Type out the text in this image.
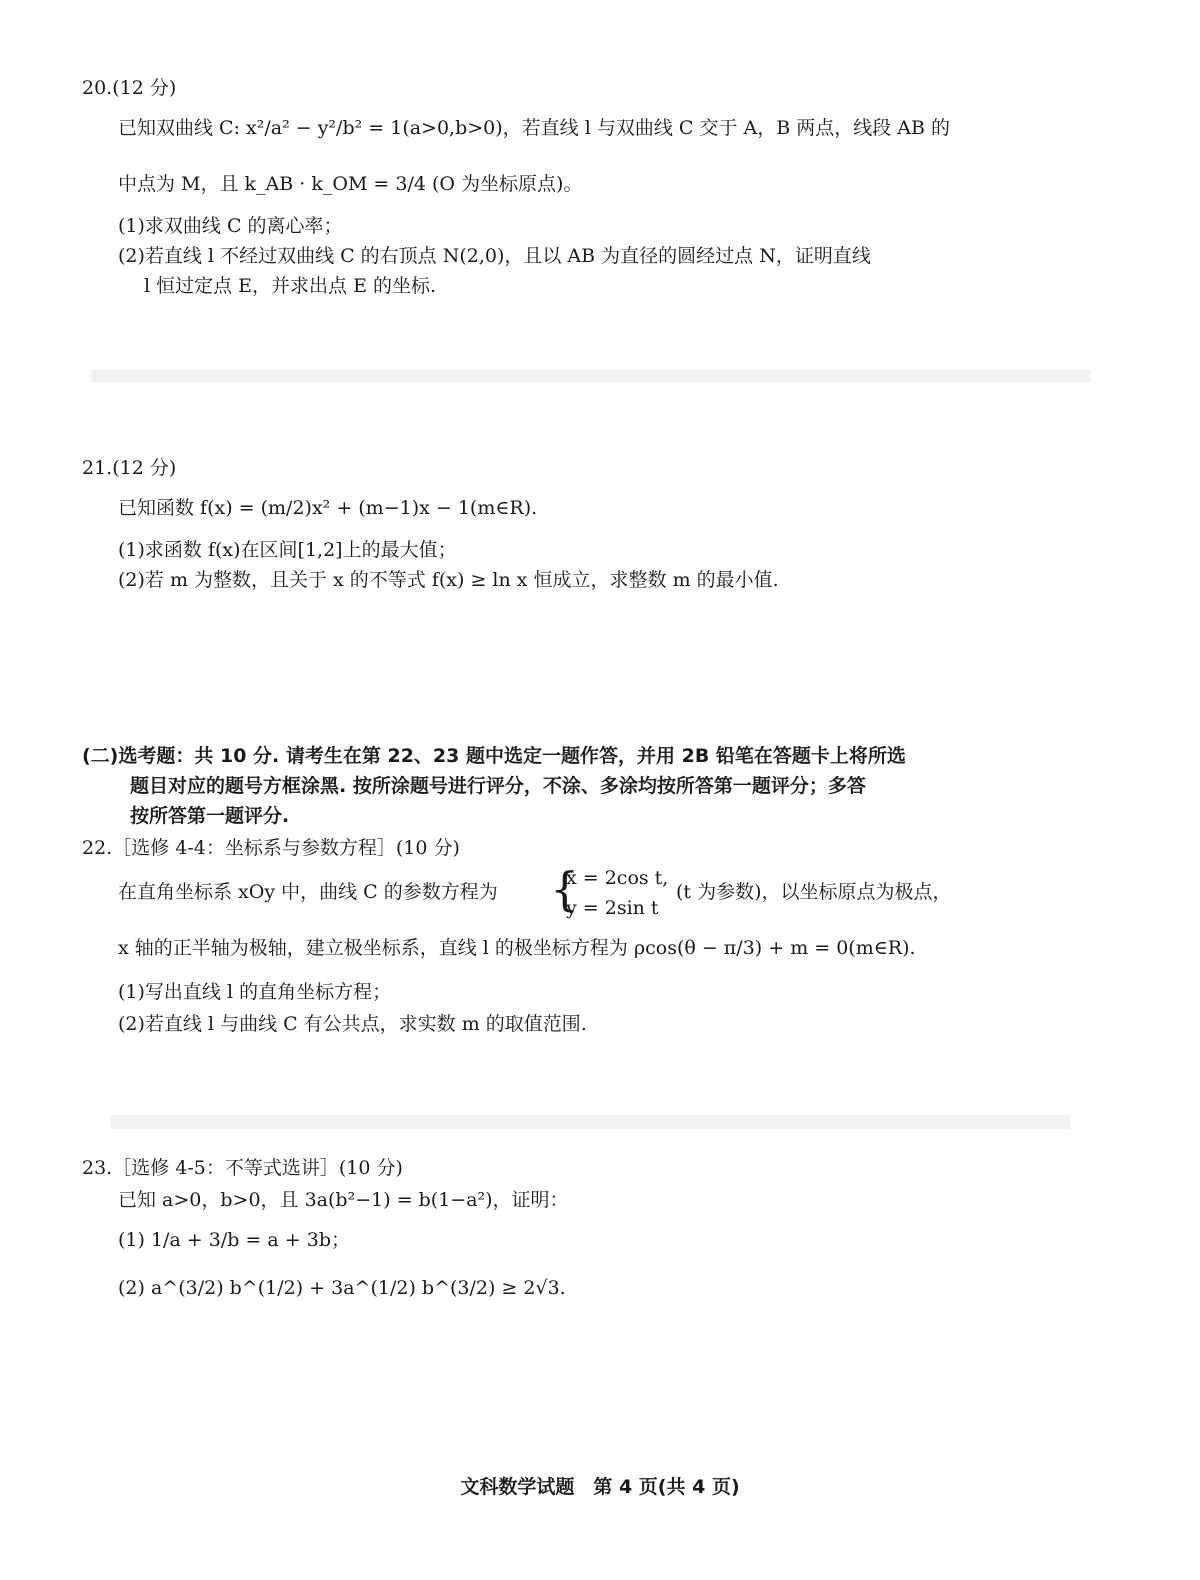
20.(12 分)
已知双曲线 C: x²/a² − y²/b² = 1(a>0,b>0)，若直线 l 与双曲线 C 交于 A，B 两点，线段 AB 的
中点为 M，且 k_AB · k_OM = 3/4 (O 为坐标原点)。
(1)求双曲线 C 的离心率；
(2)若直线 l 不经过双曲线 C 的右顶点 N(2,0)，且以 AB 为直径的圆经过点 N，证明直线
l 恒过定点 E，并求出点 E 的坐标.
21.(12 分)
已知函数 f(x) = (m/2)x² + (m−1)x − 1(m∈R).
(1)求函数 f(x)在区间[1,2]上的最大值；
(2)若 m 为整数，且关于 x 的不等式 f(x) ≥ ln x 恒成立，求整数 m 的最小值.
(二)选考题：共 10 分. 请考生在第 22、23 题中选定一题作答，并用 2B 铅笔在答题卡上将所选
题目对应的题号方框涂黑. 按所涂题号进行评分，不涂、多涂均按所答第一题评分；多答
按所答第一题评分.
22.［选修 4-4：坐标系与参数方程］(10 分)
在直角坐标系 xOy 中，曲线 C 的参数方程为 {
x = 2cos t,
y = 2sin t
(t 为参数)，以坐标原点为极点，
x 轴的正半轴为极轴，建立极坐标系，直线 l 的极坐标方程为 ρcos(θ − π/3) + m = 0(m∈R).
(1)写出直线 l 的直角坐标方程；
(2)若直线 l 与曲线 C 有公共点，求实数 m 的取值范围.
23.［选修 4-5：不等式选讲］(10 分)
已知 a>0，b>0，且 3a(b²−1) = b(1−a²)，证明：
(1) 1/a + 3/b = a + 3b；
(2) a^(3/2) b^(1/2) + 3a^(1/2) b^(3/2) ≥ 2√3.
文科数学试题　第 4 页(共 4 页)
